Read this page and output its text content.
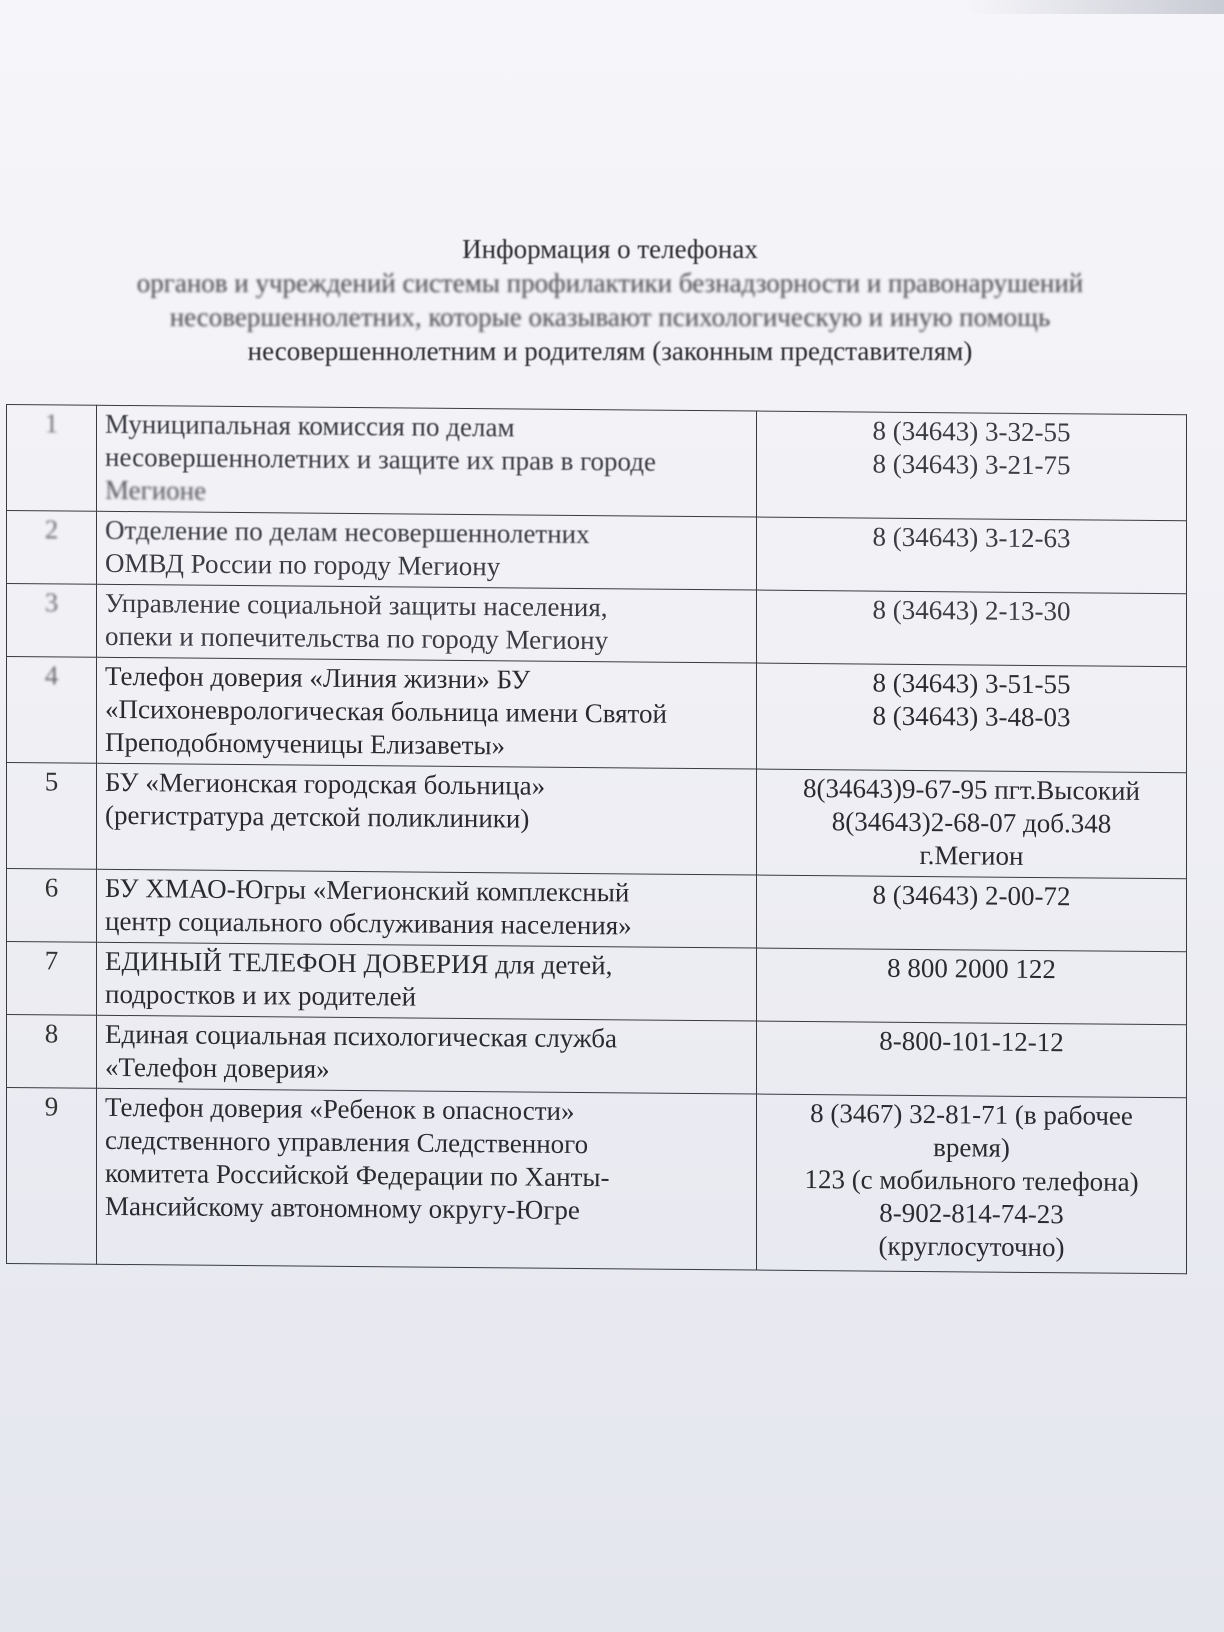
Информация о телефонах
органов и учреждений системы профилактики безнадзорности и правонарушений
несовершеннолетних, которые оказывают психологическую и иную помощь
несовершеннолетним и родителям (законным представителям)
1	Муниципальная комиссия по делам
несовершеннолетних и защите их прав в городе
Мегионе	8 (34643) 3-32-55
8 (34643) 3-21-75

2	Отделение по делам несовершеннолетних
ОМВД России по городу Мегиону	8 (34643) 3-12-63

3	Управление социальной защиты населения,
опеки и попечительства по городу Мегиону	8 (34643) 2-13-30

4	Телефон доверия «Линия жизни» БУ
«Психоневрологическая больница имени Святой
Преподобномученицы Елизаветы»	8 (34643) 3-51-55
8 (34643) 3-48-03

5	БУ «Мегионская городская больница»
(регистратура детской поликлиники)	8(34643)9-67-95 пгт.Высокий
8(34643)2-68-07 доб.348
г.Мегион

6	БУ ХМАО-Югры «Мегионский комплексный
центр социального обслуживания населения»	8 (34643) 2-00-72

7	ЕДИНЫЙ ТЕЛЕФОН ДОВЕРИЯ для детей,
подростков и их родителей	8 800 2000 122

8	Единая социальная психологическая служба
«Телефон доверия»	8-800-101-12-12

9	Телефон доверия «Ребенок в опасности»
следственного управления Следственного
комитета Российской Федерации по Ханты-
Мансийскому автономному округу-Югре	8 (3467) 32-81-71 (в рабочее
время)
123 (с мобильного телефона)
8-902-814-74-23
(круглосуточно)
